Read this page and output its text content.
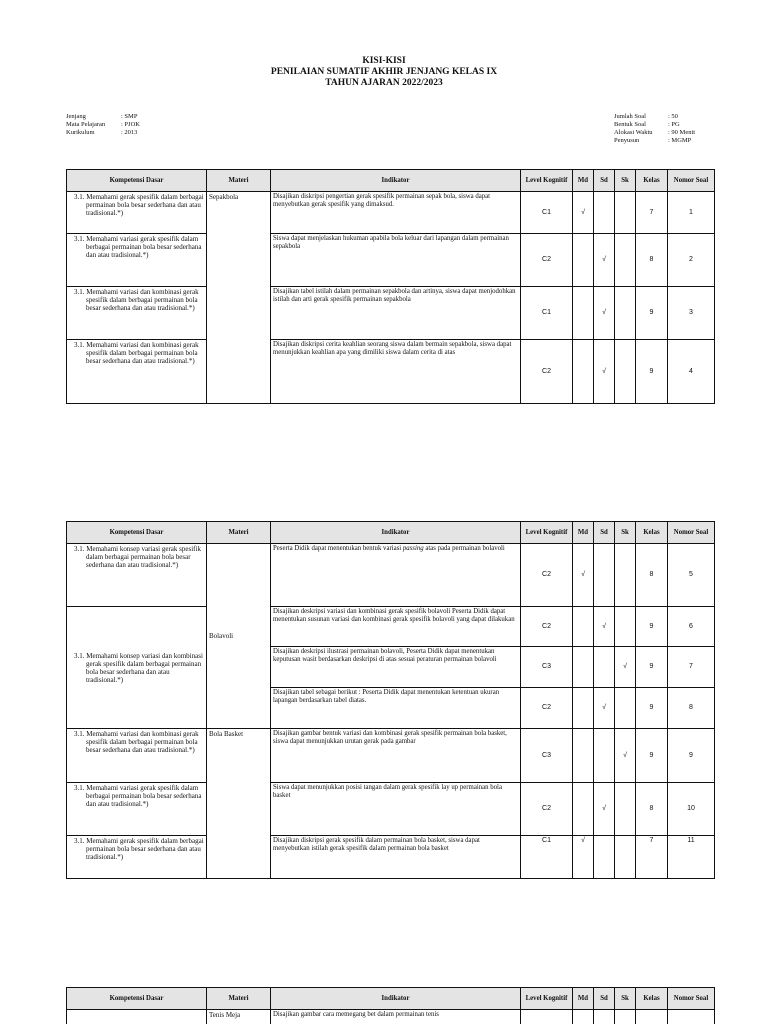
KISI-KISI
PENILAIAN SUMATIF AKHIR JENJANG KELAS IX
TAHUN AJARAN 2022/2023
Jenjang	: SMP
Mata Pelajaran	: PJOK
Kurikulum	: 2013
Jumlah Soal	: 50
Bentuk Soal	: PG
Alokasi Waktu	: 90 Menit
Penyusun	: MGMP
Kompetensi Dasar	Materi	Indikator	Level Kognitif	Md	Sd	Sk	Kelas	Nomor Soal

3.1. Memahami gerak spesifik dalam berbagai permainan bola besar sederhana dan atau tradisional.*)	Sepakbola	Disajikan diskripsi pengertian gerak spesifik permainan sepak bola, siswa dapat menyebutkan gerak spesifik yang dimaksud.	C1	√			7	1

3.1. Memahami variasi gerak spesifik dalam berbagai permainan bola besar sederhana dan atau tradisional.*)		Siswa dapat menjelaskan hukuman apabila bola keluar dari lapangan dalam permainan sepakbola	C2		√		8	2

3.1. Memahami variasi dan kombinasi gerak spesifik dalam berbagai permainan bola besar sederhana dan atau tradisional.*)		Disajikan tabel istilah dalam permainan sepakbola dan artinya, siswa dapat menjodohkan istilah dan arti gerak spesifik permainan sepakbola	C1		√		9	3

3.1. Memahami variasi dan kombinasi gerak spesifik dalam berbagai permainan bola besar sederhana dan atau tradisional.*)		Disajikan diskripsi cerita keahlian seorang siswa dalam bermain sepakbola, siswa dapat menunjukkan keahlian apa yang dimiliki siswa dalam cerita di atas	C2		√		9	4
Kompetensi Dasar	Materi	Indikator	Level Kognitif	Md	Sd	Sk	Kelas	Nomor Soal

3.1. Memahami konsep variasi gerak spesifik dalam berbagai permainan bola besar sederhana dan atau tradisional.*)	Bolavoli	Peserta Didik dapat menentukan bentuk variasi passing atas pada permainan bolavoli	C2	√			8	5

3.1. Memahami konsep variasi dan kombinasi gerak spesifik dalam berbagai permainan bola besar sederhana dan atau tradisional.*)		Disajikan deskripsi variasi dan kombinasi gerak spesifik bolavoli Peserta Didik dapat menentukan susunan variasi dan kombinasi gerak spesifik bolavoli yang dapat dilakukan	C2		√		9	6
		Disajikan deskripsi ilustrasi permainan bolavoli, Peserta Didik dapat menentukan keputusan wasit berdasarkan deskripsi di atas sesuai peraturan permainan bolavoli	C3			√	9	7
		Disajikan tabel sebagai berikut : Peserta Didik dapat menentukan ketentuan ukuran lapangan berdasarkan tabel diatas.	C2		√		9	8

3.1. Memahami variasi dan kombinasi gerak spesifik dalam berbagai permainan bola besar sederhana dan atau tradisional.*)	Bola Basket	Disajikan gambar bentuk variasi dan kombinasi gerak spesifik permainan bola basket, siswa dapat menunjukkan urutan gerak pada gambar	C3			√	9	9

3.1. Memahami variasi gerak spesifik dalam berbagai permainan bola besar sederhana dan atau tradisional.*)		Siswa dapat menunjukkan posisi tangan dalam gerak spesifik lay up permainan bola basket	C2		√		8	10

3.1. Memahami gerak spesifik dalam berbagai permainan bola besar sederhana dan atau tradisional.*)		Disajikan diskripsi gerak spesifik dalam permainan bola basket, siswa dapat menyebutkan istilah gerak spesifik dalam permainan bola basket	C1	√			7	11
Kompetensi Dasar	Materi	Indikator	Level Kognitif	Md	Sd	Sk	Kelas	Nomor Soal
	Tenis Meja	Disajikan gambar cara memegang bet dalam permainan tenis						
